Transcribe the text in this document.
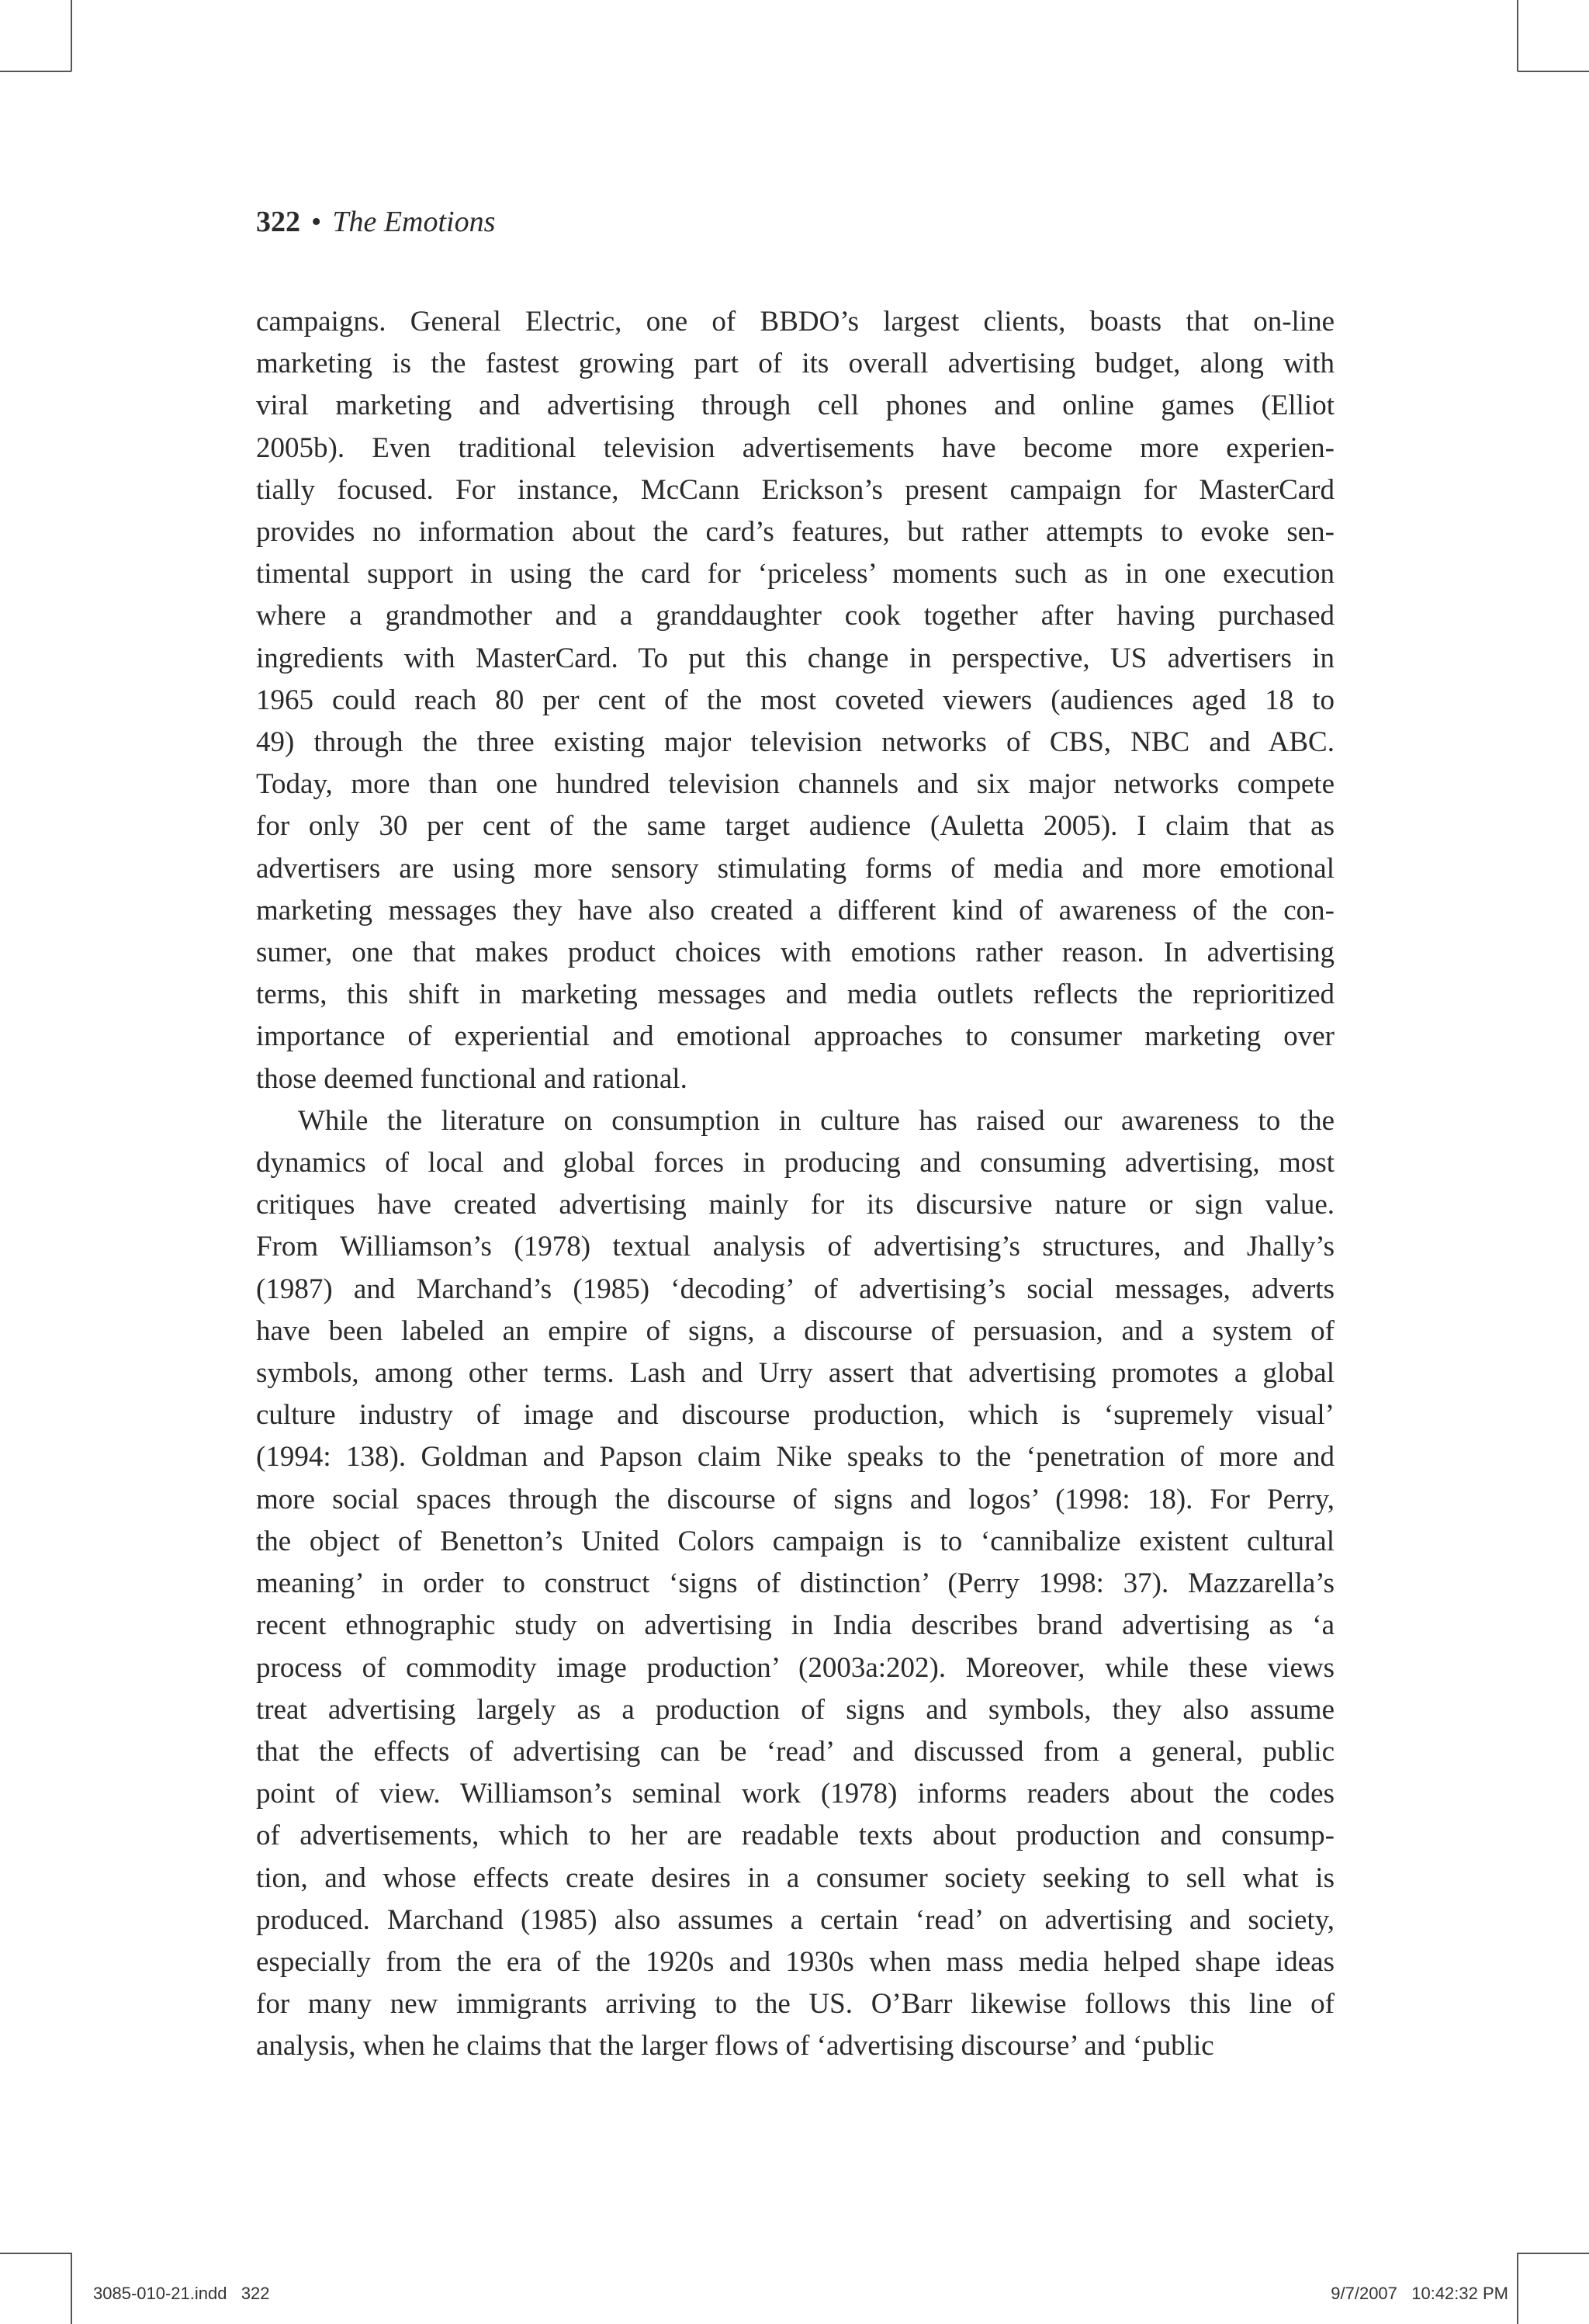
322 • The Emotions
campaigns. General Electric, one of BBDO’s largest clients, boasts that on-line
marketing is the fastest growing part of its overall advertising budget, along with
viral marketing and advertising through cell phones and online games (Elliot
2005b). Even traditional television advertisements have become more experien-
tially focused. For instance, McCann Erickson’s present campaign for MasterCard
provides no information about the card’s features, but rather attempts to evoke sen-
timental support in using the card for ‘priceless’ moments such as in one execution
where a grandmother and a granddaughter cook together after having purchased
ingredients with MasterCard. To put this change in perspective, US advertisers in
1965 could reach 80 per cent of the most coveted viewers (audiences aged 18 to
49) through the three existing major television networks of CBS, NBC and ABC.
Today, more than one hundred television channels and six major networks compete
for only 30 per cent of the same target audience (Auletta 2005). I claim that as
advertisers are using more sensory stimulating forms of media and more emotional
marketing messages they have also created a different kind of awareness of the con-
sumer, one that makes product choices with emotions rather reason. In advertising
terms, this shift in marketing messages and media outlets reflects the reprioritized
importance of experiential and emotional approaches to consumer marketing over
those deemed functional and rational.
While the literature on consumption in culture has raised our awareness to the
dynamics of local and global forces in producing and consuming advertising, most
critiques have created advertising mainly for its discursive nature or sign value.
From Williamson’s (1978) textual analysis of advertising’s structures, and Jhally’s
(1987) and Marchand’s (1985) ‘decoding’ of advertising’s social messages, adverts
have been labeled an empire of signs, a discourse of persuasion, and a system of
symbols, among other terms. Lash and Urry assert that advertising promotes a global
culture industry of image and discourse production, which is ‘supremely visual’
(1994: 138). Goldman and Papson claim Nike speaks to the ‘penetration of more and
more social spaces through the discourse of signs and logos’ (1998: 18). For Perry,
the object of Benetton’s United Colors campaign is to ‘cannibalize existent cultural
meaning’ in order to construct ‘signs of distinction’ (Perry 1998: 37). Mazzarella’s
recent ethnographic study on advertising in India describes brand advertising as ‘a
process of commodity image production’ (2003a:202). Moreover, while these views
treat advertising largely as a production of signs and symbols, they also assume
that the effects of advertising can be ‘read’ and discussed from a general, public
point of view. Williamson’s seminal work (1978) informs readers about the codes
of advertisements, which to her are readable texts about production and consump-
tion, and whose effects create desires in a consumer society seeking to sell what is
produced. Marchand (1985) also assumes a certain ‘read’ on advertising and society,
especially from the era of the 1920s and 1930s when mass media helped shape ideas
for many new immigrants arriving to the US. O’Barr likewise follows this line of
analysis, when he claims that the larger flows of ‘advertising discourse’ and ‘public
3085-010-21.indd   322	9/7/2007   10:42:32 PM
